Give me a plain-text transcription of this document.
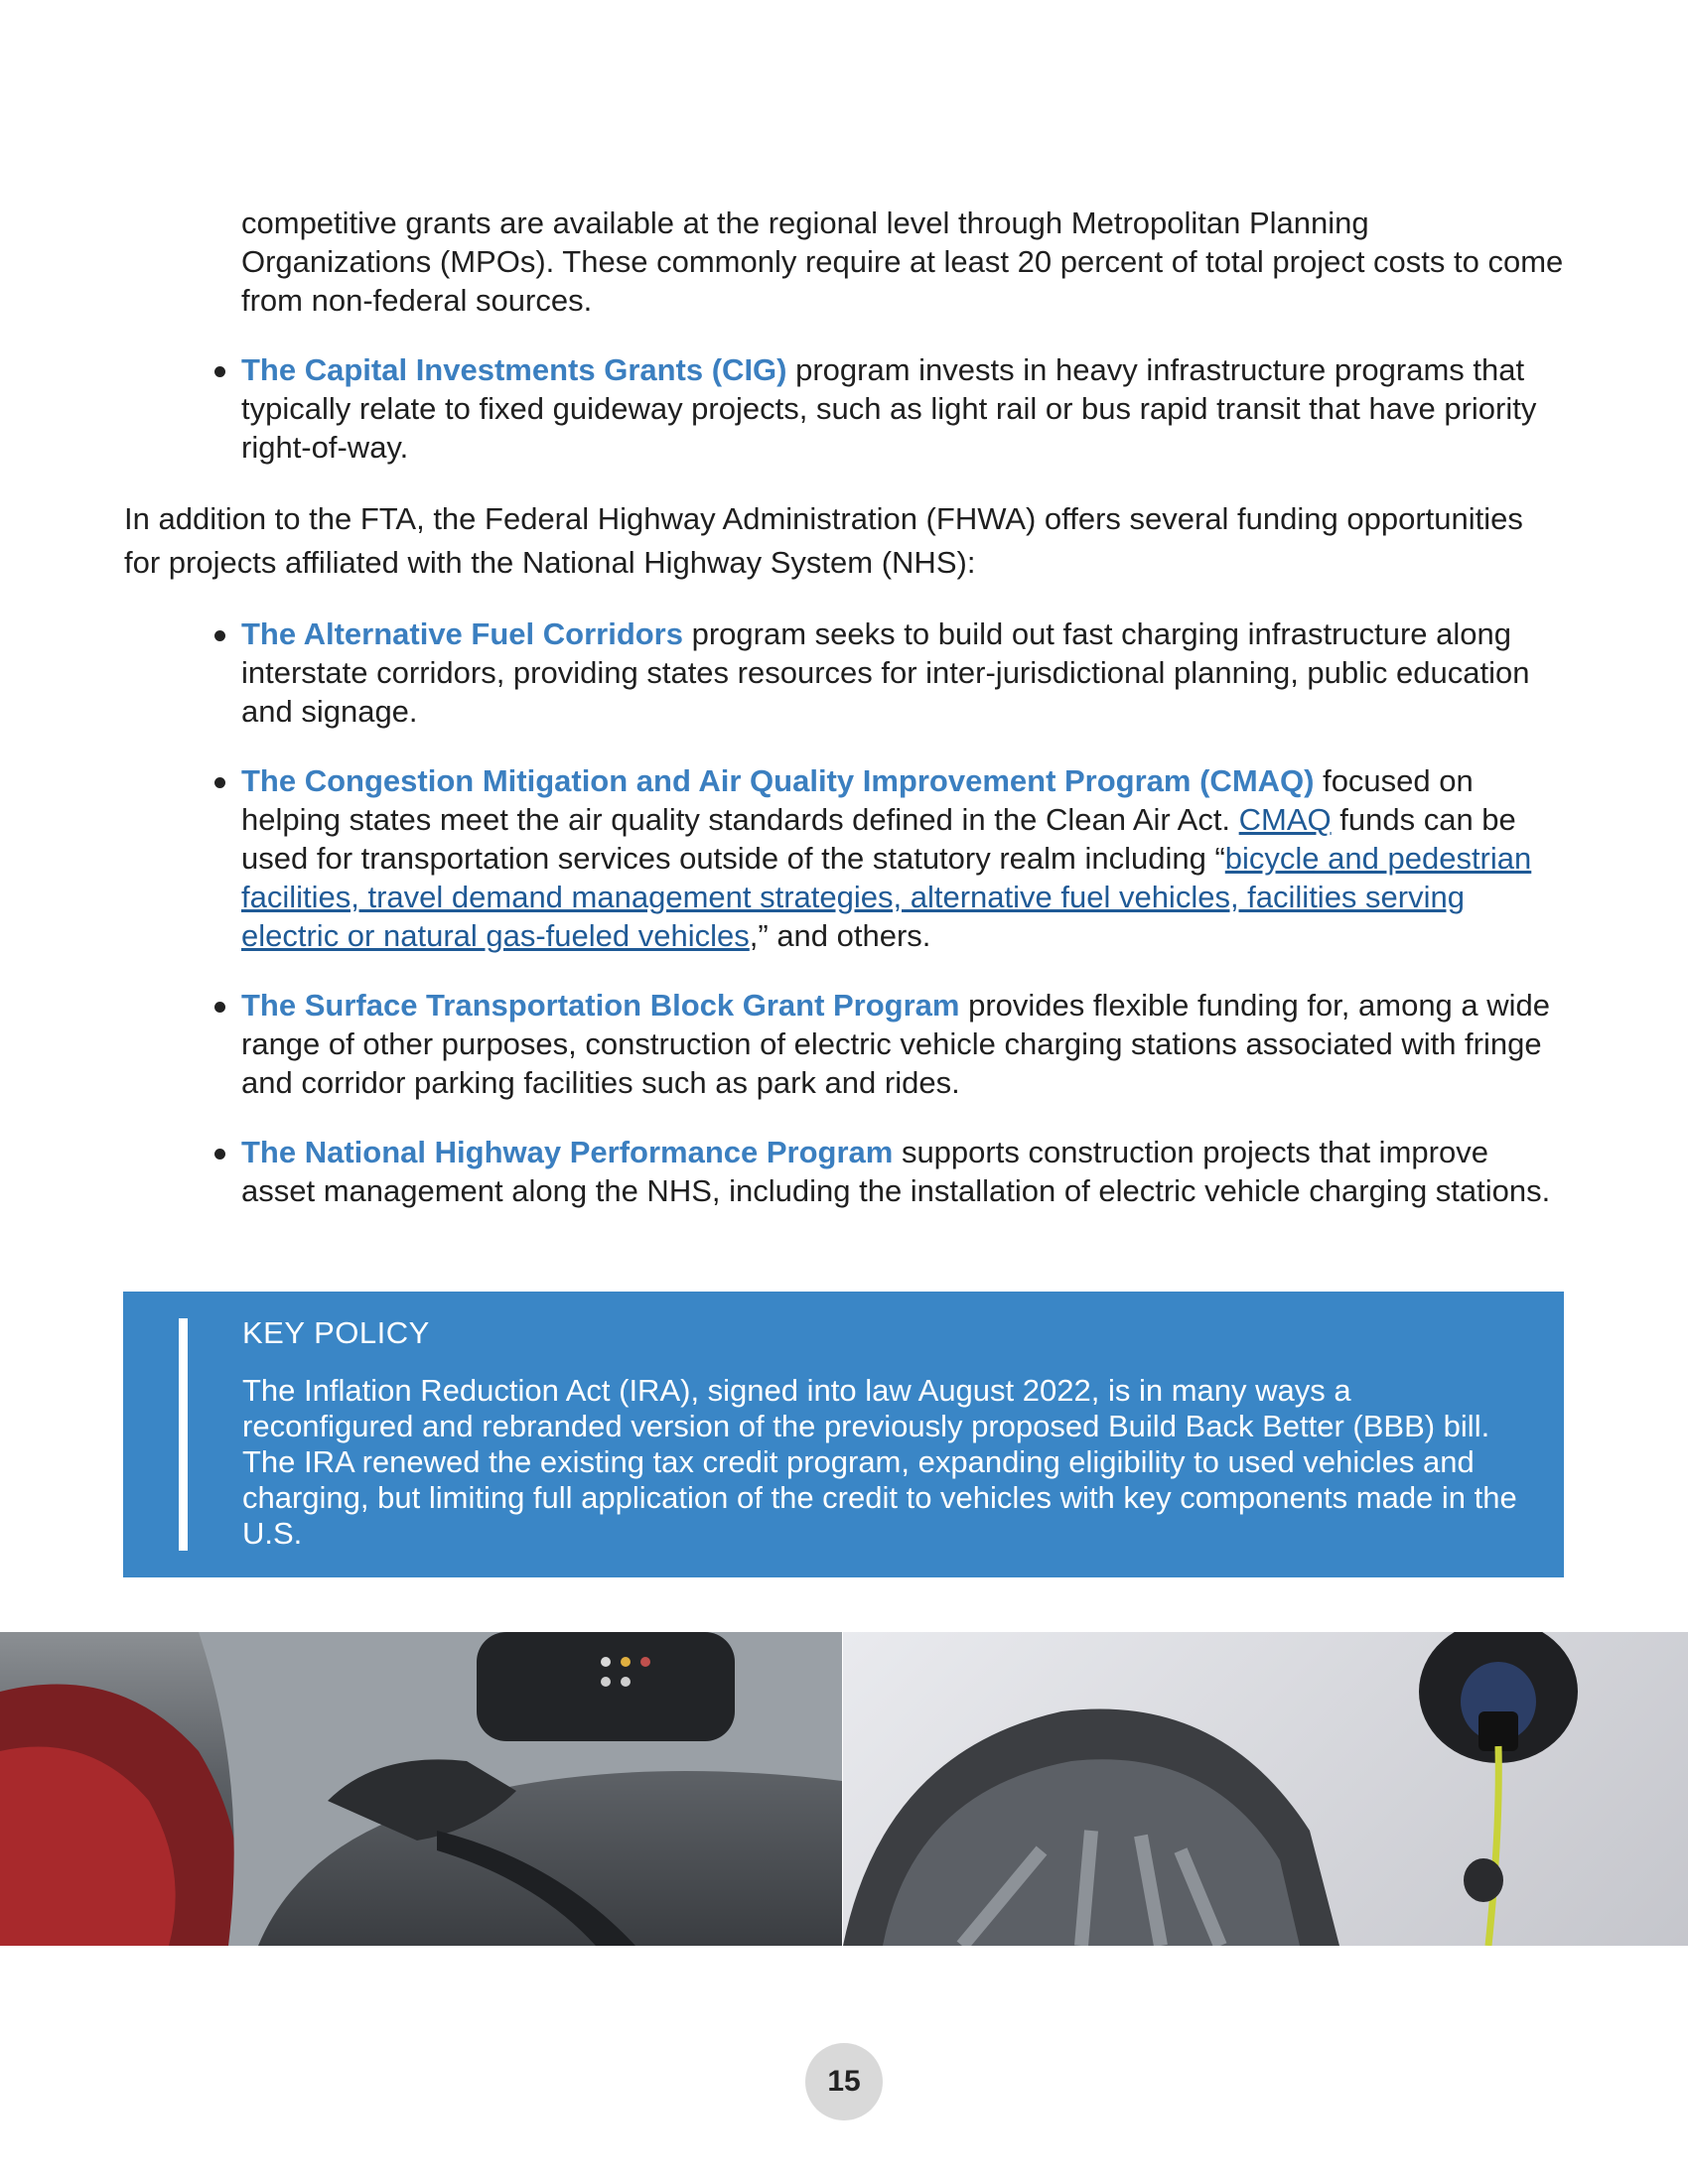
competitive grants are available at the regional level through Metropolitan Planning Organizations (MPOs). These commonly require at least 20 percent of total project costs to come from non-federal sources.
The Capital Investments Grants (CIG) program invests in heavy infrastructure programs that typically relate to fixed guideway projects, such as light rail or bus rapid transit that have priority right-of-way.

In addition to the FTA, the Federal Highway Administration (FHWA) offers several funding opportunities for projects affiliated with the National Highway System (NHS):

The Alternative Fuel Corridors program seeks to build out fast charging infrastructure along interstate corridors, providing states resources for inter-jurisdictional planning, public education and signage.
The Congestion Mitigation and Air Quality Improvement Program (CMAQ) focused on helping states meet the air quality standards defined in the Clean Air Act. CMAQ funds can be used for transportation services outside of the statutory realm including “bicycle and pedestrian facilities, travel demand management strategies, alternative fuel vehicles, facilities serving electric or natural gas-fueled vehicles,” and others.
The Surface Transportation Block Grant Program provides flexible funding for, among a wide range of other purposes, construction of electric vehicle charging stations associated with fringe and corridor parking facilities such as park and rides.
The National Highway Performance Program supports construction projects that improve asset management along the NHS, including the installation of electric vehicle charging stations.
KEY POLICY
The Inflation Reduction Act (IRA), signed into law August 2022, is in many ways a reconfigured and rebranded version of the previously proposed Build Back Better (BBB) bill. The IRA renewed the existing tax credit program, expanding eligibility to used vehicles and charging, but limiting full application of the credit to vehicles with key components made in the U.S.
15
